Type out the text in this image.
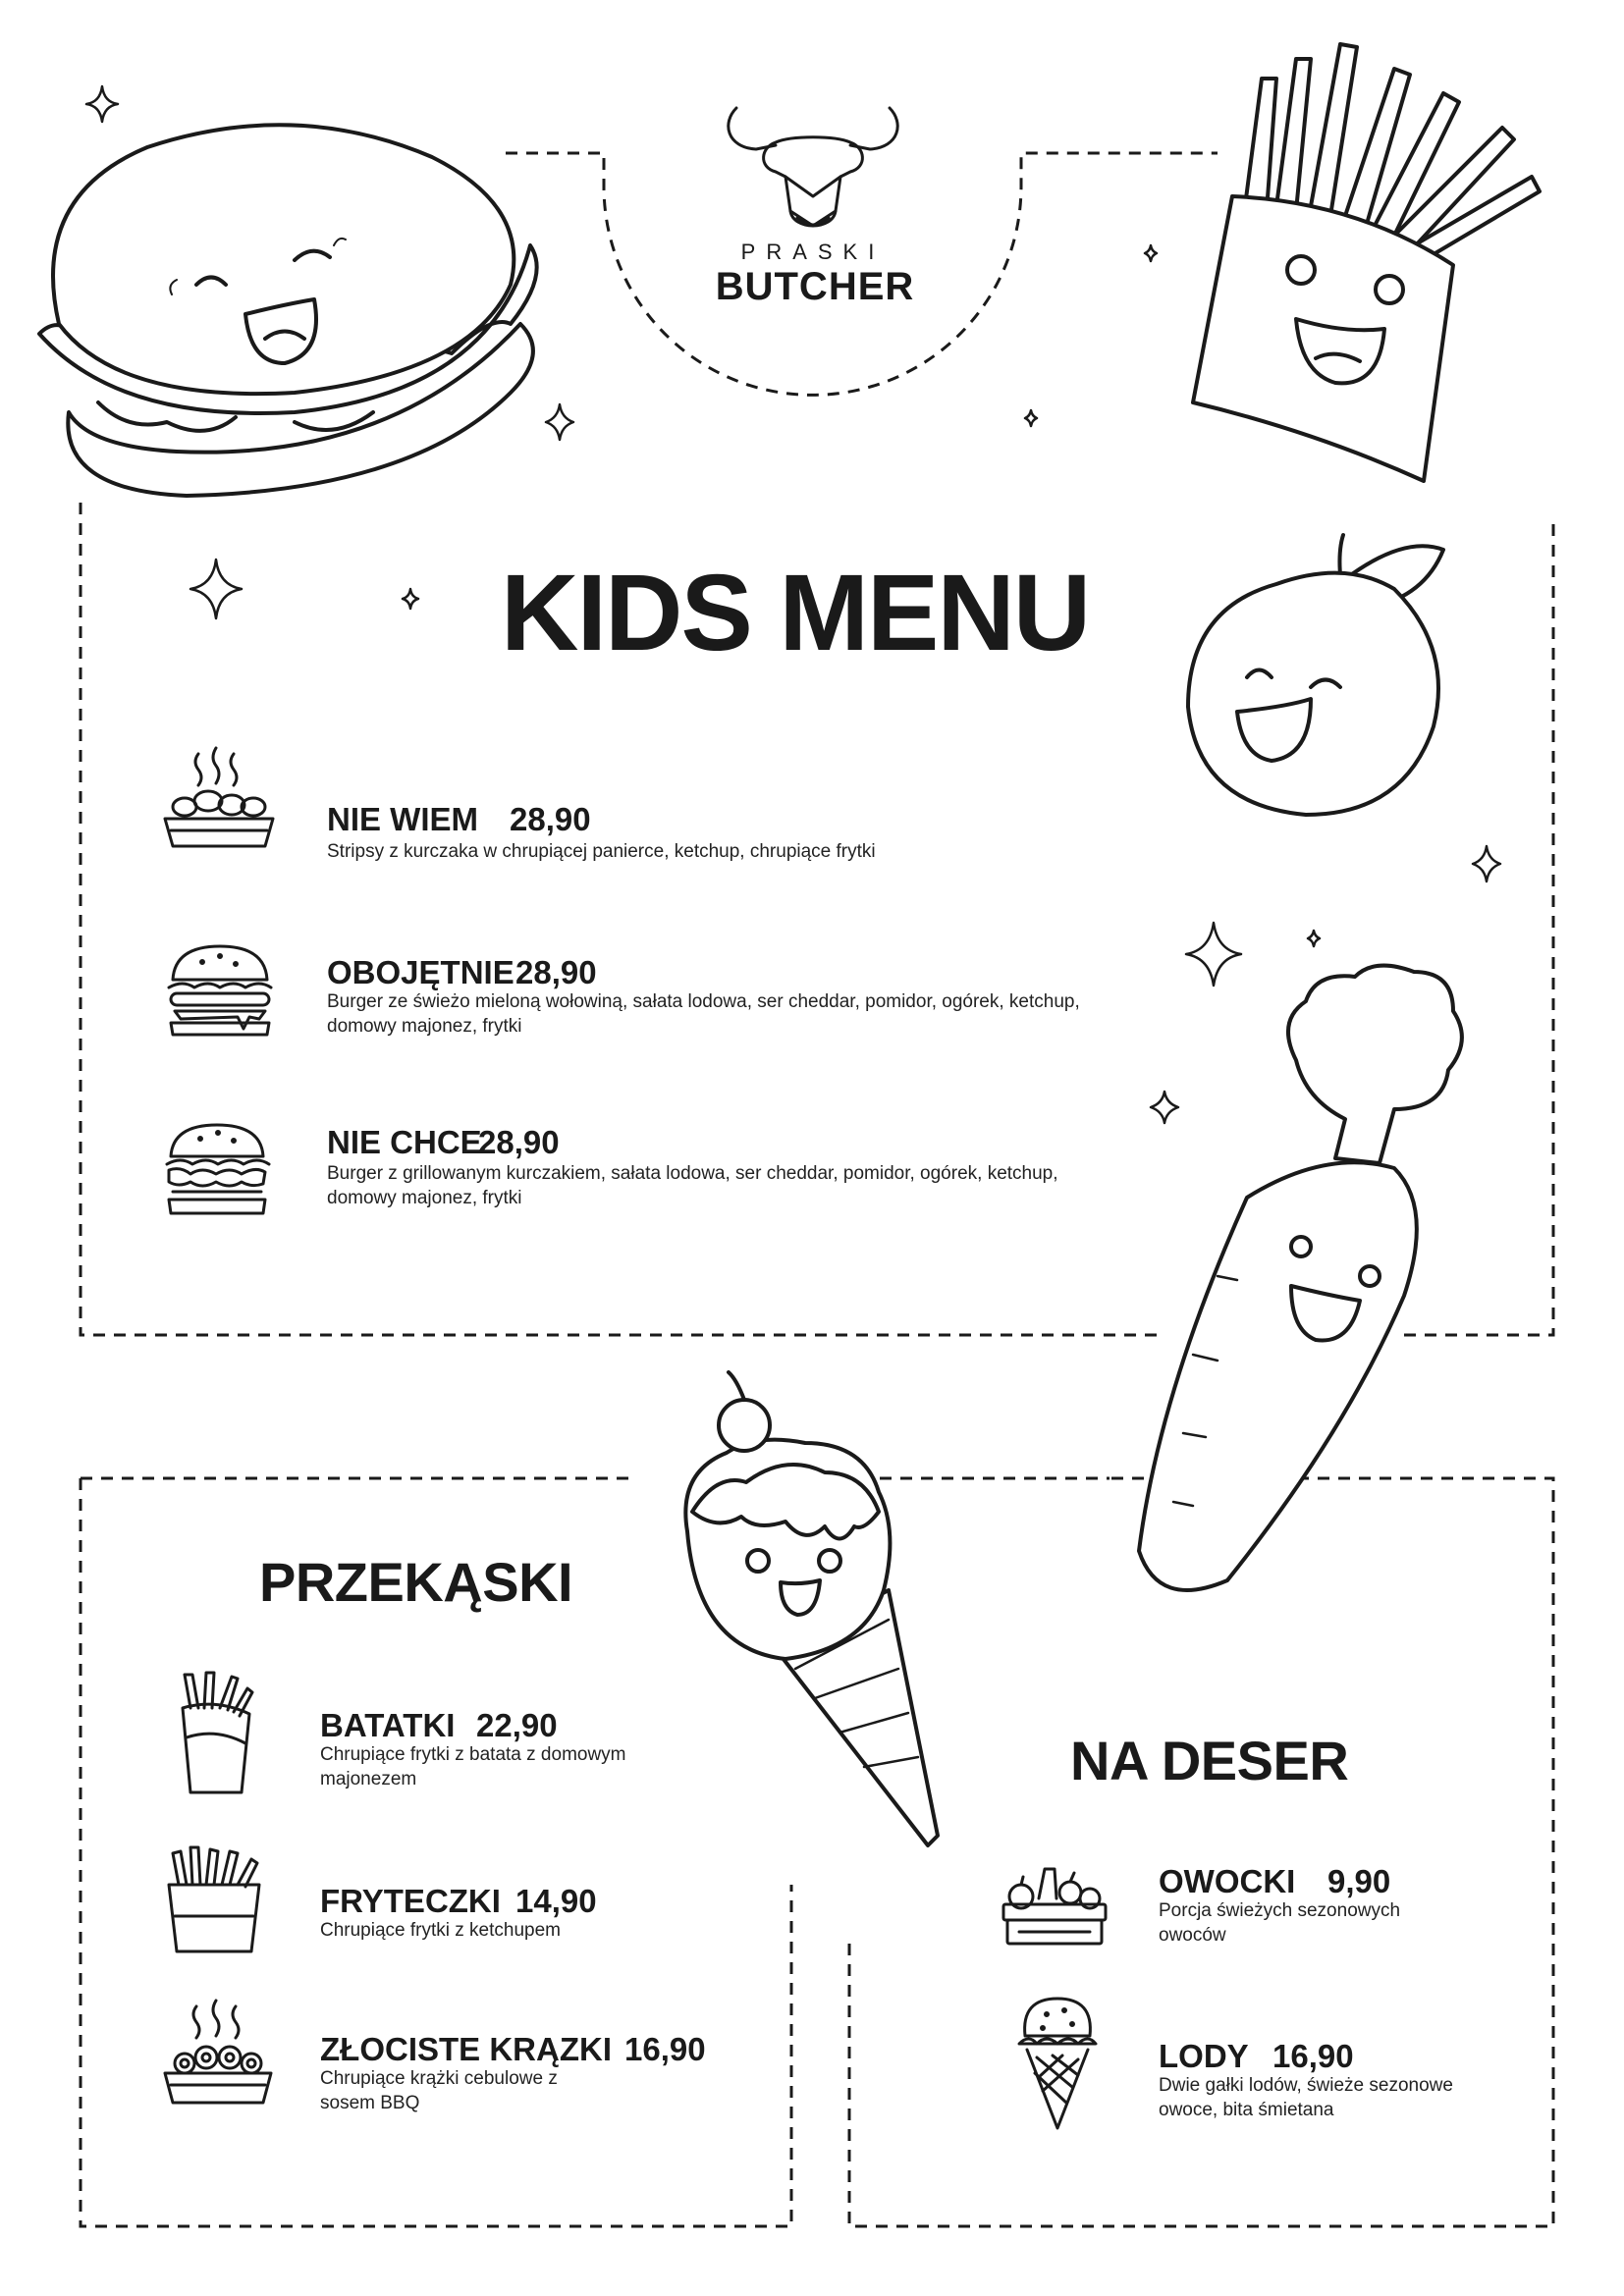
PRASKI
BUTCHER
KIDS MENU
NIE WIEM 28,90
Stripsy z kurczaka w chrupiącej panierce, ketchup, chrupiące frytki
OBOJĘTNIE 28,90
Burger ze świeżo mieloną wołowiną, sałata lodowa, ser cheddar, pomidor, ogórek, ketchup, domowy majonez, frytki
NIE CHCE
28,90
Burger z grillowanym kurczakiem, sałata lodowa, ser cheddar, pomidor, ogórek, ketchup, domowy majonez, frytki
PRZEKĄSKI
BATATKI 22,90
Chrupiące frytki z batata z domowym majonezem
FRYTECZKI 14,90
Chrupiące frytki z ketchupem
ZŁOCISTE KRĄZKI 16,90
Chrupiące krążki cebulowe z sosem BBQ
NA DESER
OWOCKI 9,90
Porcja świeżych sezonowych owoców
LODY 16,90
Dwie gałki lodów, świeże sezonowe owoce, bita śmietana
